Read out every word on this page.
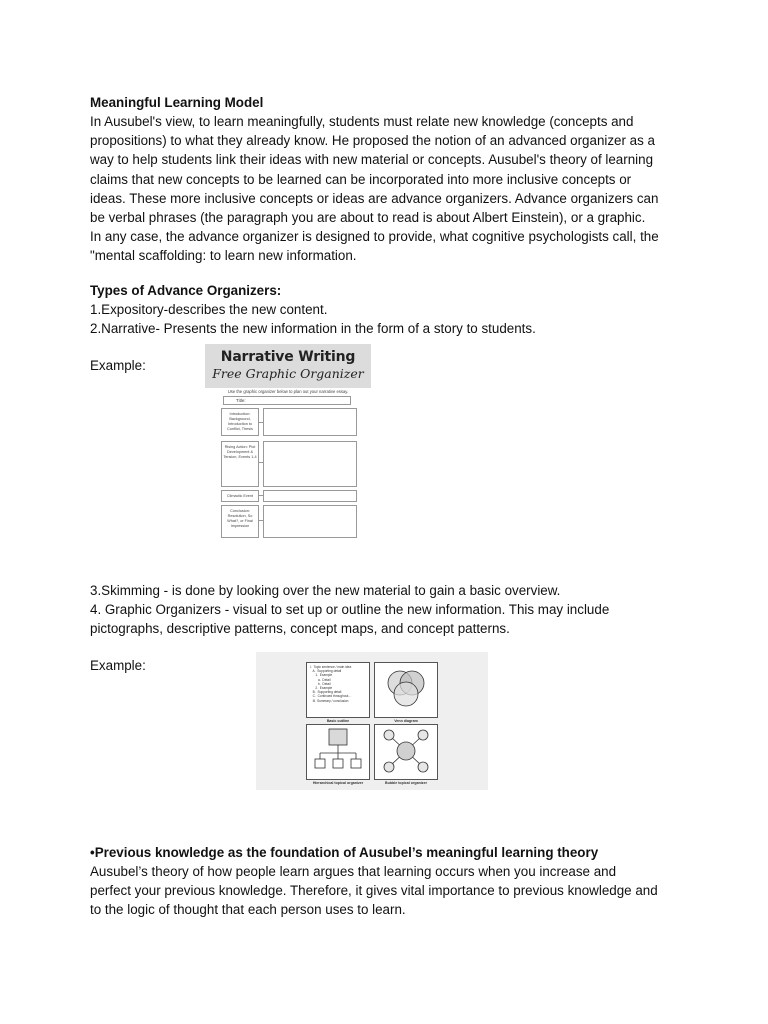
Meaningful Learning Model
In Ausubel's view, to learn meaningfully, students must relate new knowledge (concepts and
propositions) to what they already know. He proposed the notion of an advanced organizer as a
way to help students link their ideas with new material or concepts. Ausubel's theory of learning
claims that new concepts to be learned can be incorporated into more inclusive concepts or
ideas. These more inclusive concepts or ideas are advance organizers. Advance organizers can
be verbal phrases (the paragraph you are about to read is about Albert Einstein), or a graphic.
In any case, the advance organizer is designed to provide, what cognitive psychologists call, the
"mental scaffolding: to learn new information.
Types of Advance Organizers:
1.Expository-describes the new content.
2.Narrative- Presents the new information in the form of a story to students.
Example:
Narrative Writing
Free Graphic Organizer
Use the graphic organizer below to plan out your narrative essay.
Title:
Introduction: Background, Introduction to Conflict, Thesis
Rising Action: Plot Development & Tension, Events 1-4
Climactic Event
Conclusion: Resolution, So What?, or Final Impression
3.Skimming - is done by looking over the new material to gain a basic overview.
4. Graphic Organizers - visual to set up or outline the new information. This may include
pictographs, descriptive patterns, concept maps, and concept patterns.
Example:	I.  Topic sentence / main idea
A.  Supporting detail
1.  Example
a.  Detail
b.  Detail
2.  Example
B.  Supporting detail
C.  Continued throughout...
III. Summary / conclusion
Basic outline	Venn diagram
Hierarchical topical organizer	Bubble topical organizer
•Previous knowledge as the foundation of Ausubel’s meaningful learning theory
Ausubel’s theory of how people learn argues that learning occurs when you increase and
perfect your previous knowledge. Therefore, it gives vital importance to previous knowledge and
to the logic of thought that each person uses to learn.
